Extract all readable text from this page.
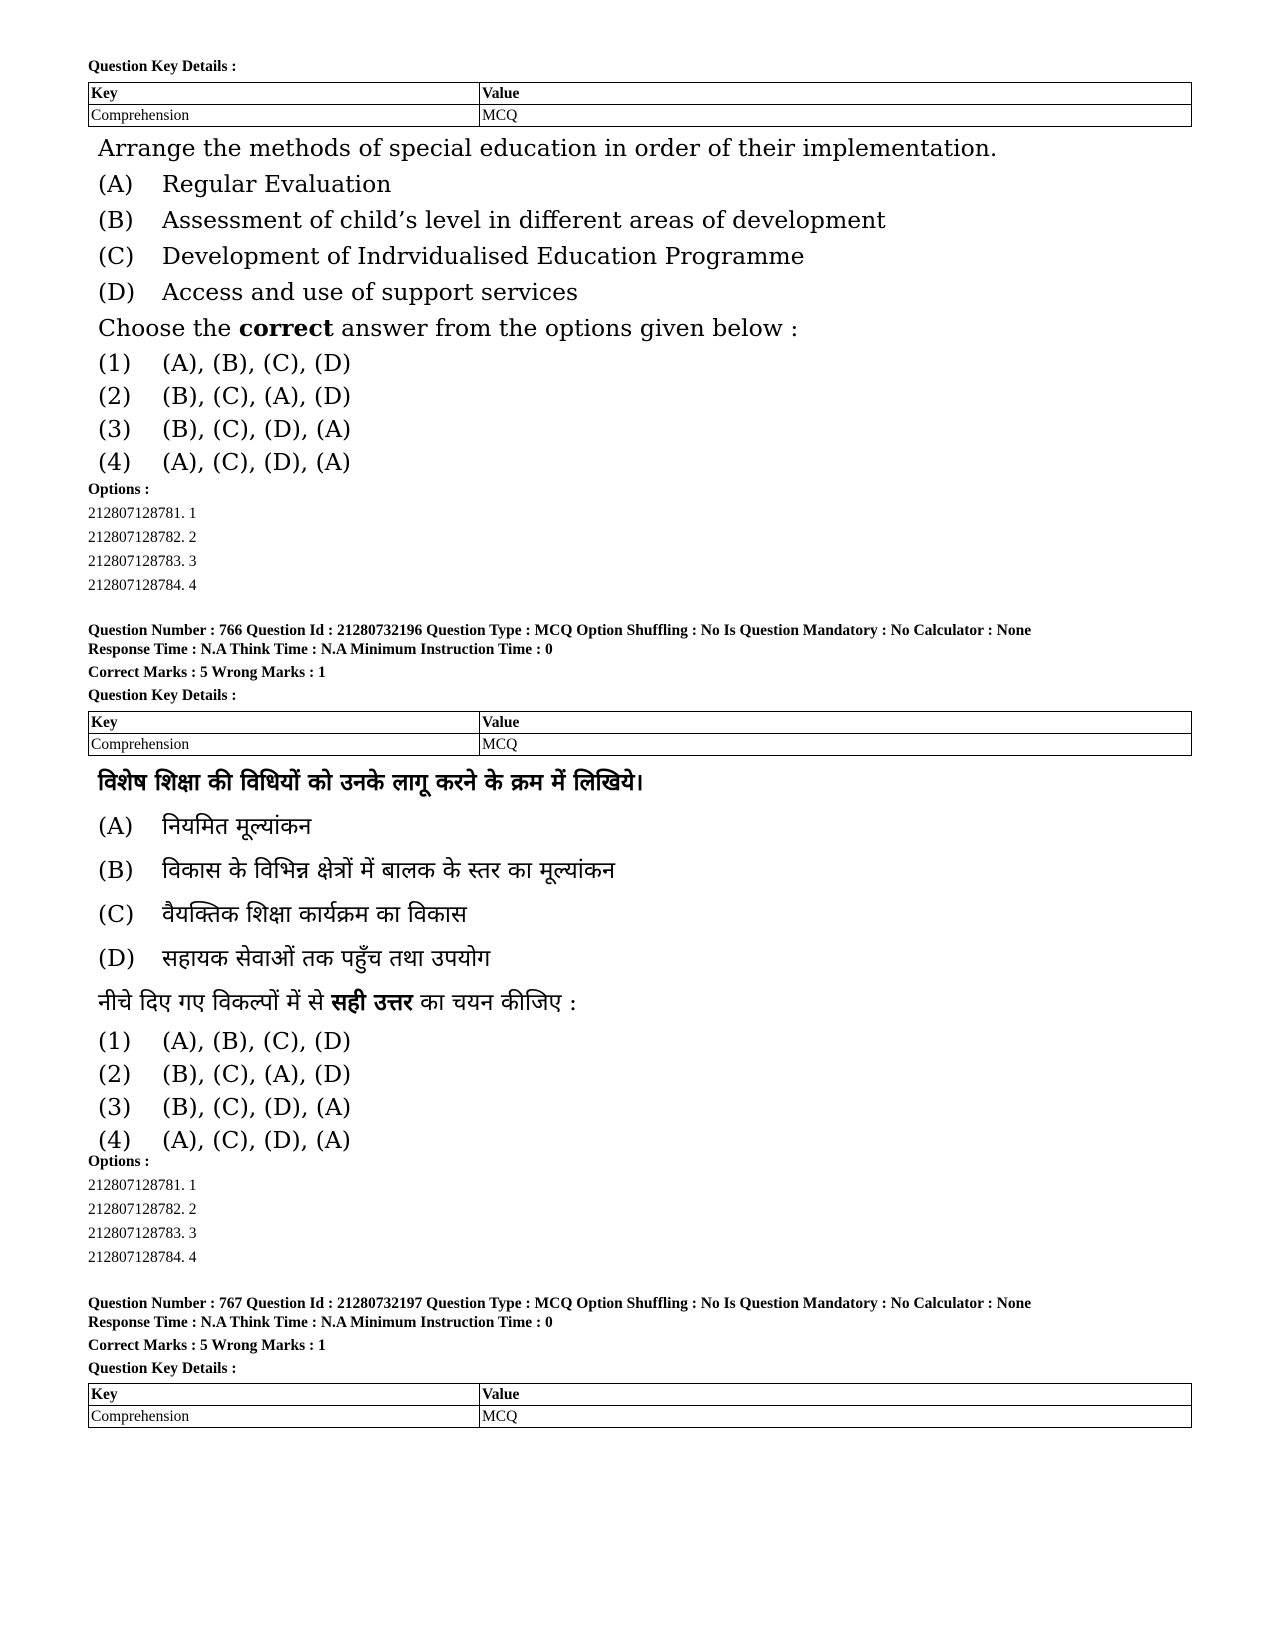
Question Key Details :
Key	Value
Comprehension	MCQ
Arrange the methods of special education in order of their implementation.
(A)	Regular Evaluation
(B)	Assessment of child’s level in different areas of development
(C)	Development of Indrvidualised Education Programme
(D)	Access and use of support services
Choose the correct answer from the options given below :
(1)	(A), (B), (C), (D)
(2)	(B), (C), (A), (D)
(3)	(B), (C), (D), (A)
(4)	(A), (C), (D), (A)
Options :
212807128781. 1
212807128782. 2
212807128783. 3
212807128784. 4
Question Number : 766 Question Id : 21280732196 Question Type : MCQ Option Shuffling : No Is Question Mandatory : No Calculator : None
Response Time : N.A Think Time : N.A Minimum Instruction Time : 0
Correct Marks : 5 Wrong Marks : 1
Question Key Details :
Key	Value
Comprehension	MCQ
विशेष शिक्षा की विधियों को उनके लागू करने के क्रम में लिखिये।
(A)	नियमित मूल्यांकन
(B)	विकास के विभिन्न क्षेत्रों में बालक के स्तर का मूल्यांकन
(C)	वैयक्तिक शिक्षा कार्यक्रम का विकास
(D)	सहायक सेवाओं तक पहुँच तथा उपयोग
नीचे दिए गए विकल्पों में से सही उत्तर का चयन कीजिए :
(1)	(A), (B), (C), (D)
(2)	(B), (C), (A), (D)
(3)	(B), (C), (D), (A)
(4)	(A), (C), (D), (A)
Options :
212807128781. 1
212807128782. 2
212807128783. 3
212807128784. 4
Question Number : 767 Question Id : 21280732197 Question Type : MCQ Option Shuffling : No Is Question Mandatory : No Calculator : None
Response Time : N.A Think Time : N.A Minimum Instruction Time : 0
Correct Marks : 5 Wrong Marks : 1
Question Key Details :
Key	Value
Comprehension	MCQ
